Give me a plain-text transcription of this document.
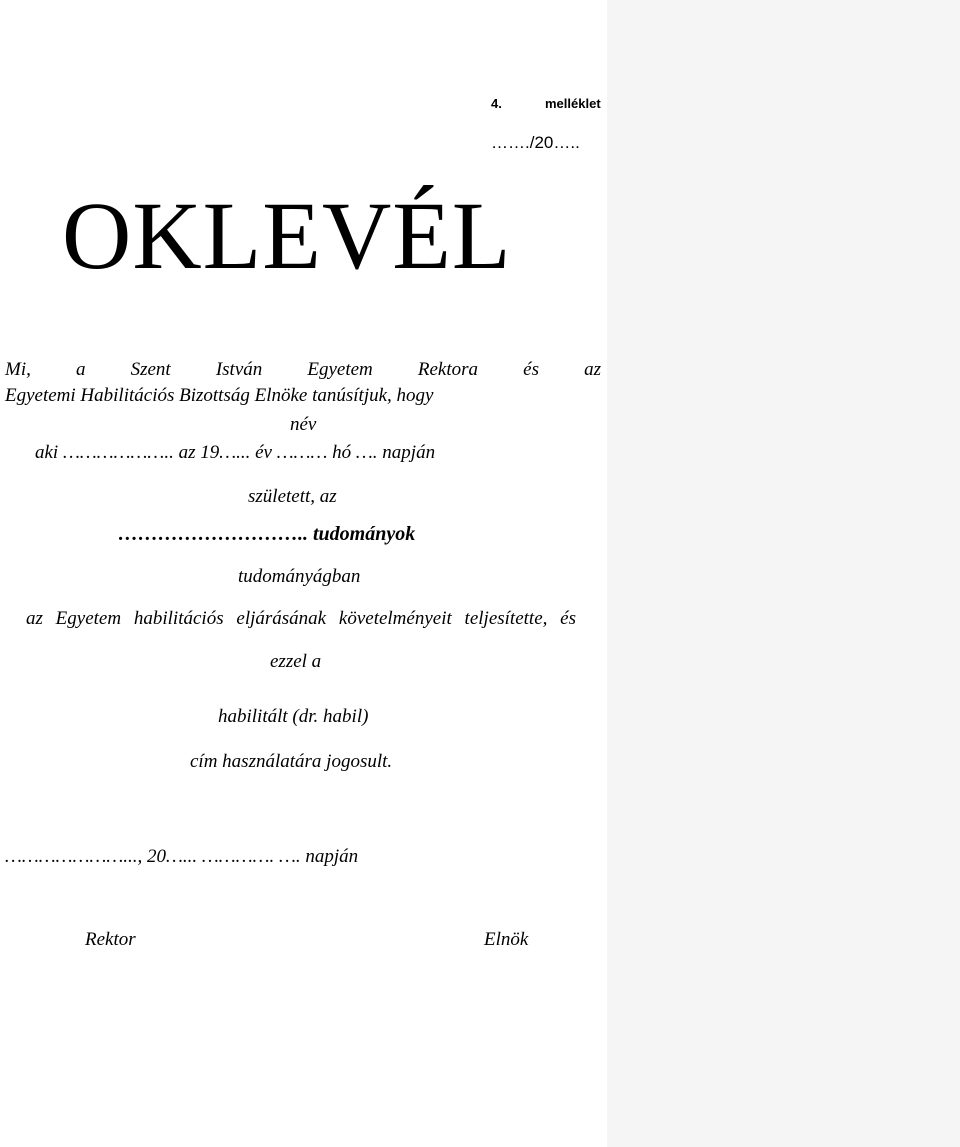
4.	melléklet
……./20…..
OKLEVÉL
Mi, a Szent István Egyetem Rektora és az
Egyetemi Habilitációs Bizottság Elnöke tanúsítjuk, hogy
név
aki ……………….. az 19…... év ……… hó …. napján
született, az
……………………….. tudományok
tudományágban
az Egyetem habilitációs eljárásának követelményeit teljesítette, és
ezzel a
habilitált (dr. habil)
cím használatára jogosult.
…………………..., 20…... …………. …. napján
Rektor	Elnök
